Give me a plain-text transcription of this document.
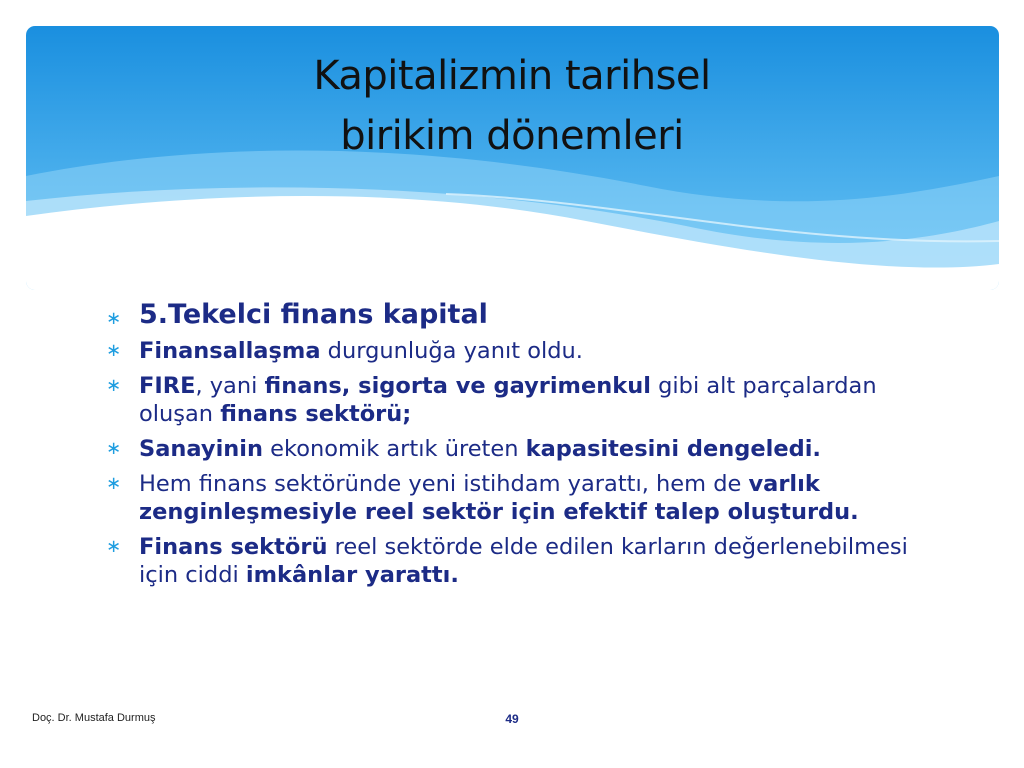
Kapitalizmin tarihsel
birikim dönemleri
∗ 5.Tekelci finans kapital
∗ Finansallaşma durgunluğa yanıt oldu.
∗ FIRE, yani finans, sigorta ve gayrimenkul gibi alt parçalardan oluşan finans sektörü;
∗ Sanayinin ekonomik artık üreten kapasitesini dengeledi.
∗ Hem finans sektöründe yeni istihdam yarattı, hem de varlık zenginleşmesiyle reel sektör için efektif talep oluşturdu.
∗ Finans sektörü reel sektörde elde edilen karların değerlenebilmesi için ciddi imkânlar yarattı.
Doç. Dr. Mustafa Durmuş	49
